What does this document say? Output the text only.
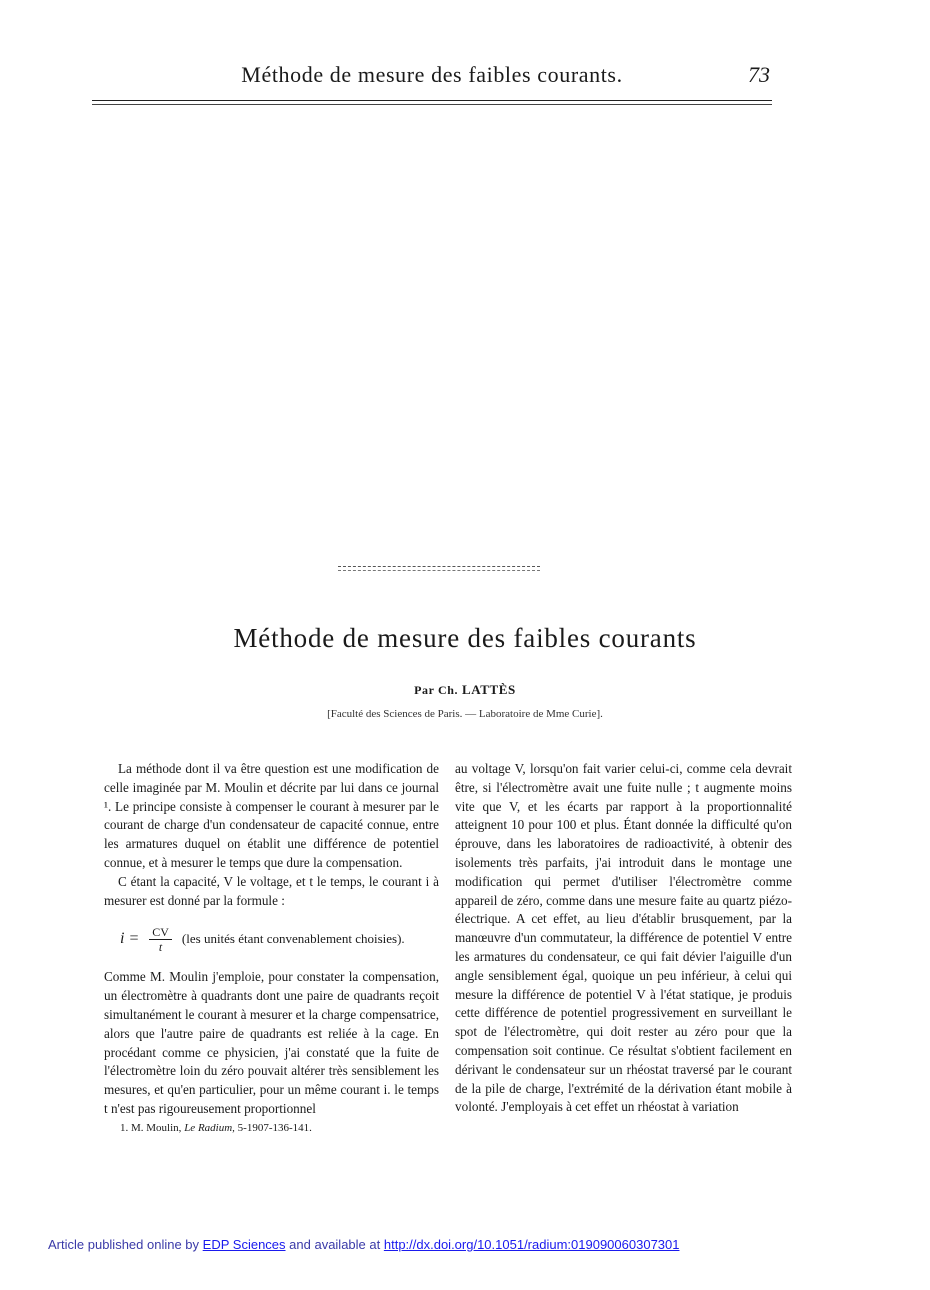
Méthode de mesure des faibles courants.	73
Méthode de mesure des faibles courants
Par Ch. LATTÈS
[Faculté des Sciences de Paris. — Laboratoire de Mme Curie].

La méthode dont il va être question est une modification de celle imaginée par M. Moulin et décrite par lui dans ce journal ¹. Le principe consiste à compenser le courant à mesurer par le courant de charge d'un condensateur de capacité connue, entre les armatures duquel on établit une différence de potentiel connue, et à mesurer le temps que dure la compensation.

C étant la capacité, V le voltage, et t le temps, le courant i à mesurer est donné par la formule :

$i = \frac{CV}{t} (les$ unités étant convenablement choisies).

Comme M. Moulin j'emploie, pour constater la compensation, un électromètre à quadrants dont une paire de quadrants reçoit simultanément le courant à mesurer et la charge compensatrice, alors que l'autre paire de quadrants est reliée à la cage. En procédant comme ce physicien, j'ai constaté que la fuite de l'électromètre loin du zéro pouvait altérer très sensiblement les mesures, et qu'en particulier, pour un même courant i. le temps t n'est pas rigoureusement proportionnel

1. M. Moulin, Le Radium, 5-1907-136-141.

au voltage V, lorsqu'on fait varier celui-ci, comme cela devrait être, si l'électromètre avait une fuite nulle ; t augmente moins vite que V, et les écarts par rapport à la proportionnalité atteignent 10 pour 100 et plus. Étant donnée la difficulté qu'on éprouve, dans les laboratoires de radioactivité, à obtenir des isolements très parfaits, j'ai introduit dans le montage une modification qui permet d'utiliser l'électromètre comme appareil de zéro, comme dans une mesure faite au quartz piézo-électrique. A cet effet, au lieu d'établir brusquement, par la manœuvre d'un commutateur, la différence de potentiel V entre les armatures du condensateur, ce qui fait dévier l'aiguille d'un angle sensiblement égal, quoique un peu inférieur, à celui qui mesure la différence de potentiel V à l'état statique, je produis cette différence de potentiel progressivement en surveillant le spot de l'électromètre, qui doit rester au zéro pour que la compensation soit continue. Ce résultat s'obtient facilement en dérivant le condensateur sur un rhéostat traversé par le courant de la pile de charge, l'extrémité de la dérivation étant mobile à volonté. J'employais à cet effet un rhéostat à variation

Article published online by EDP Sciences and available at http://dx.doi.org/10.1051/radium:019090060307301
